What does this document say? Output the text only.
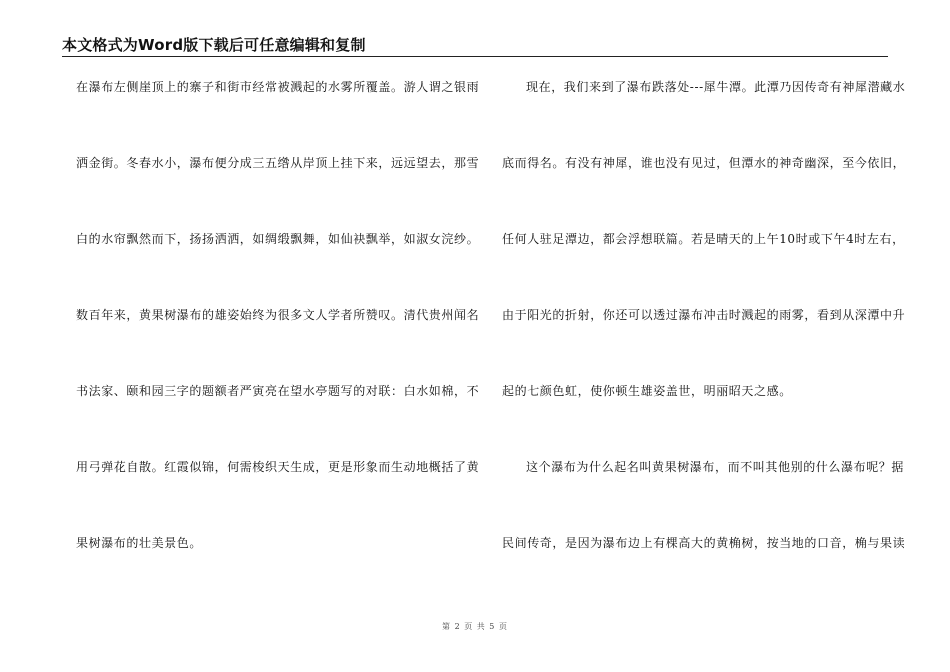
本文格式为Word版下载后可任意编辑和复制
在瀑布左侧崖顶上的寨子和街市经常被溅起的水雾所覆盖。游人谓之银雨
洒金街。冬春水小，瀑布便分成三五绺从岸顶上挂下来，远远望去，那雪
白的水帘飘然而下，扬扬洒洒，如绸缎飘舞，如仙袂飘举，如淑女浣纱。
数百年来，黄果树瀑布的雄姿始终为很多文人学者所赞叹。清代贵州闻名
书法家、颐和园三字的题额者严寅亮在望水亭题写的对联：白水如棉，不
用弓弹花自散。红霞似锦，何需梭织天生成，更是形象而生动地概括了黄
果树瀑布的壮美景色。
现在，我们来到了瀑布跌落处---犀牛潭。此潭乃因传奇有神犀潜藏水
底而得名。有没有神犀，谁也没有见过，但潭水的神奇幽深，至今依旧，
任何人驻足潭边，都会浮想联篇。若是晴天的上午10时或下午4时左右，
由于阳光的折射，你还可以透过瀑布冲击时溅起的雨雾，看到从深潭中升
起的七颜色虹，使你顿生雄姿盖世，明丽昭天之感。
这个瀑布为什么起名叫黄果树瀑布，而不叫其他别的什么瀑布呢？据
民间传奇，是因为瀑布边上有棵高大的黄桷树，按当地的口音，桷与果读
第 2 页 共 5 页
